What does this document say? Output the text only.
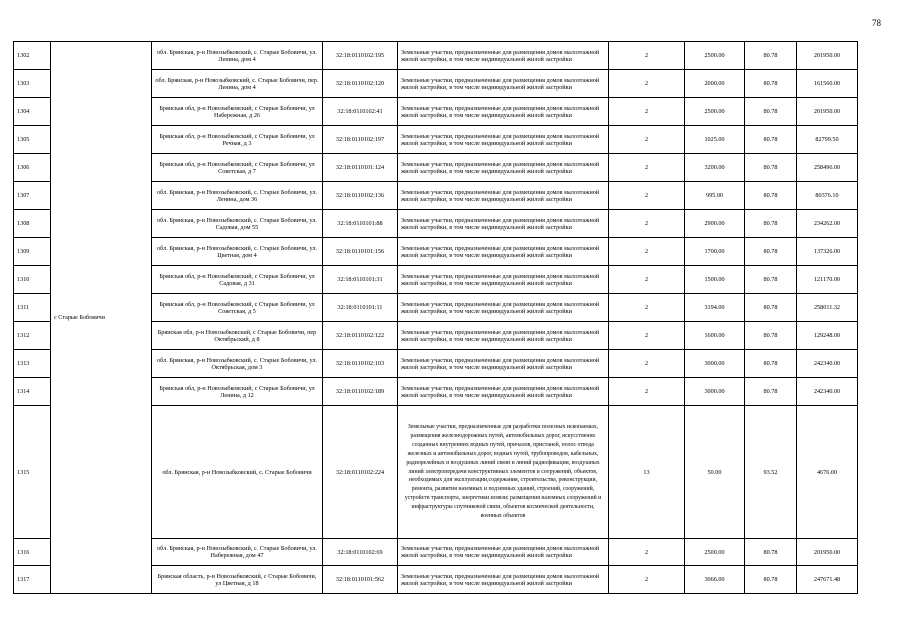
78
1302	с Старые Бобовичи	обл. Брянская, р-н Новозыбковский, с. Старые Бобовичи, ул. Ленина, дом 4	32:18:0110102:195	Земельные участки, предназначенные для размещения домов малоэтажной жилой застройки, в том числе индивидуальной жилой застройки	2	2500.00	80.78	201950.00
1303		обл. Брянская, р-н Новозыбковский, с. Старые Бобовичи, пер. Ленина, дом 4	32:18:0110102:120	Земельные участки, предназначенные для размещения домов малоэтажной жилой застройки, в том числе индивидуальной жилой застройки	2	2000.00	80.78	161560.00
1304		Брянская обл, р-н Новозыбковский, с Старые Бобовичи, ул Набережная, д 26	32:18:0110102:41	Земельные участки, предназначенные для размещения домов малоэтажной жилой застройки, в том числе индивидуальной жилой застройки	2	2500.00	80.78	201950.00
1305		Брянская обл, р-н Новозыбковский, с Старые Бобовичи, ул Речная, д 3	32:18:0110102:197	Земельные участки, предназначенные для размещения домов малоэтажной жилой застройки, в том числе индивидуальной жилой застройки	2	1025.00	80.78	82799.50
1306		Брянская обл, р-н Новозыбковский, с Старые Бобовичи, ул Советская, д 7	32:18:0110101:124	Земельные участки, предназначенные для размещения домов малоэтажной жилой застройки, в том числе индивидуальной жилой застройки	2	3200.00	80.78	258496.00
1307		обл. Брянская, р-н Новозыбковский, с. Старые Бобовичи, ул. Ленина, дом 36	32:18:0110102:136	Земельные участки, предназначенные для размещения домов малоэтажной жилой застройки, в том числе индивидуальной жилой застройки	2	995.00	80.78	80376.10
1308		обл. Брянская, р-н Новозыбковский, с. Старые Бобовичи, ул. Садовая, дом 55	32:18:0110101:88	Земельные участки, предназначенные для размещения домов малоэтажной жилой застройки, в том числе индивидуальной жилой застройки	2	2900.00	80.78	234262.00
1309		обл. Брянская, р-н Новозыбковский, с. Старые Бобовичи, ул. Цветная, дом 4	32:18:0110101:156	Земельные участки, предназначенные для размещения домов малоэтажной жилой застройки, в том числе индивидуальной жилой застройки	2	1700.00	80.78	137326.00
1310		Брянская обл, р-н Новозыбковский, с Старые Бобовичи, ул Садовая, д 31	32:18:0110101:31	Земельные участки, предназначенные для размещения домов малоэтажной жилой застройки, в том числе индивидуальной жилой застройки	2	1500.00	80.78	121170.00
1311		Брянская обл, р-н Новозыбковский, с Старые Бобовичи, ул Советская, д 5	32:18:0110101:11	Земельные участки, предназначенные для размещения домов малоэтажной жилой застройки, в том числе индивидуальной жилой застройки	2	3194.00	80.78	258011.32
1312		Брянская обл, р-н Новозыбковский, с Старые Бобовичи, пер Октябрьский, д 8	32:18:0110102:122	Земельные участки, предназначенные для размещения домов малоэтажной жилой застройки, в том числе индивидуальной жилой застройки	2	1600.00	80.78	129248.00
1313		обл. Брянская, р-н Новозыбковский, с. Старые Бобовичи, ул. Октябрьская, дом 3	32:18:0110102:103	Земельные участки, предназначенные для размещения домов малоэтажной жилой застройки, в том числе индивидуальной жилой застройки	2	3000.00	80.78	242340.00
1314		Брянская обл, р-н Новозыбковский, с Старые Бобовичи, ул Ленина, д 12	32:18:0110102:189	Земельные участки, предназначенные для размещения домов малоэтажной жилой застройки, в том числе индивидуальной жилой застройки	2	3000.00	80.78	242340.00
1315		обл. Брянская, р-н Новозыбковский, с. Старые Бобовичи	32:18:0110102:224	Земельные участки, предназначенные для разработки полезных ископаемых, размещения железнодорожных путей, автомобильных дорог, искусственно созданных внутренних водных путей, причалов, пристаней, полос отвода железных и автомобильных дорог, водных путей, трубопроводов, кабельных, радиорелейных и воздушных линий связи и линий радиофикации, воздушных линий электропередачи конструктивных элементов и сооружений, объектов, необходимых для эксплуатации,содержания, строительства, реконструкции, ремонта, развития наземных и подземных зданий, строений, сооружений, устройств транспорта, энергетики исвязи; размещения наземных сооружений и инфраструктуры спутниковой связи, объектов космической деятельности, военных объектов	13	50.00	93.52	4676.00
1316		обл. Брянская, р-н Новозыбковский, с. Старые Бобовичи, ул. Набережная, дом 47	32:18:0110102:69	Земельные участки, предназначенные для размещения домов малоэтажной жилой застройки, в том числе индивидуальной жилой застройки	2	2500.00	80.78	201950.00
1317		Брянская область, р-н Новозыбковский, с Старые Бобовичи, ул Цветная, д 18	32:18:0110101:562	Земельные участки, предназначенные для размещения домов малоэтажной жилой застройки, в том числе индивидуальной жилой застройки	2	3066.00	80.78	247671.48
